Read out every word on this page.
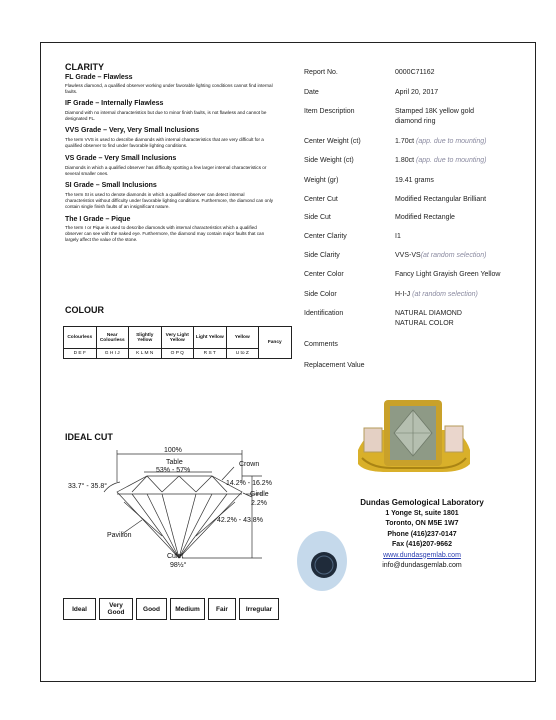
CLARITY
FL Grade – Flawless
Flawless diamond, a qualified observer working under favorable lighting conditions cannot find internal faults.
IF Grade – Internally Flawless
Diamond with no internal characteristics but due to minor finish faults, is not flawless and cannot be designated FL.
VVS Grade – Very, Very Small Inclusions
The term VVS is used to describe diamonds with internal characteristics that are very difficult for a qualified observer to find under favorable lighting conditions.
VS Grade – Very Small Inclusions
Diamonds in which a qualified observer has difficulty spotting a few larger internal characteristics or several smaller ones.
SI Grade – Small Inclusions
The term SI is used to denote diamonds in which a qualified observer can detect internal characteristics without difficulty under favorable lighting conditions. Furthermore, the diamond can only contain single finish faults of an insignificant nature.
The I Grade – Pique
The term I or Pique is used to describe diamonds with internal characteristics which a qualified observer can see with the naked eye. Furthermore, the diamond may contain major faults that can largely affect the value of the stone.
COLOUR
Colourless	Near Colourless	Slightly Yellow	Very Light Yellow	Light Yellow	Yellow	Fancy
D E F	G H I J	K L M N	O P Q	R S T	U to Z	
IDEAL CUT
100%
Table
53% - 57%
Crown
33.7° - 35.8°	14.2% - 16.2%
Girdle
2.2%
42.2% - 43.8%
Pavilion
Culet
98½°
Ideal	Very Good	Good	Medium	Fair	Irregular
Report No.	0000C71162
Date	April 20, 2017
Item Description	Stamped 18K yellow gold
diamond ring
Center Weight (ct)	1.70ct (app. due to mounting)
Side Weight (ct)	1.80ct (app. due to mounting)
Weight (gr)	19.41 grams
Center Cut	Modified Rectangular Brilliant
Side Cut	Modified Rectangle
Center Clarity	I1
Side Clarity	VVS-VS(at random selection)
Center Color	Fancy Light Grayish Green Yellow
Side Color	H-I-J (at random selection)
Identification	NATURAL DIAMOND
NATURAL COLOR
Comments
Replacement Value
Dundas Gemological Laboratory
1 Yonge St, suite 1801
Toronto, ON M5E 1W7
Phone (416)237-0147
Fax (416)207-9662
www.dundasgemlab.com
info@dundasgemlab.com
